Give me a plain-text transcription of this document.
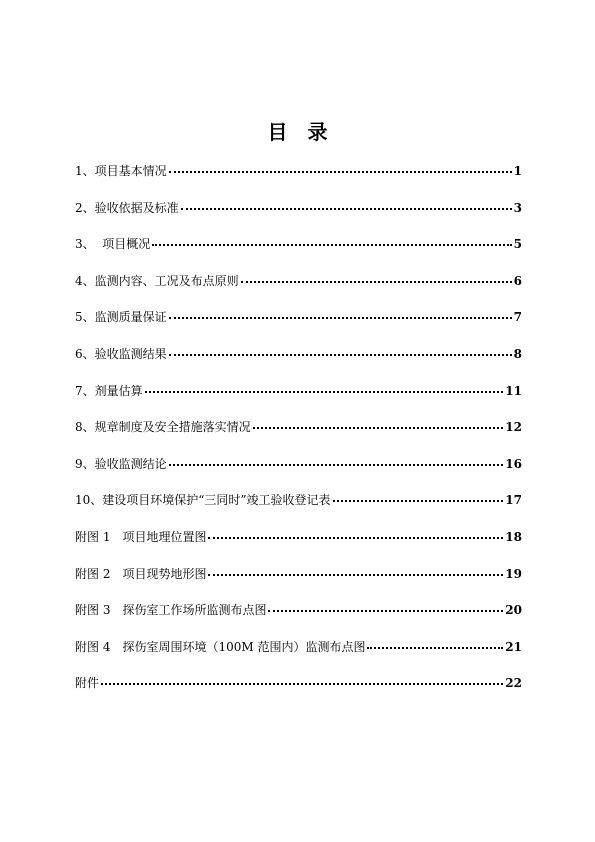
目　录
1、项目基本情况	1
2、验收依据及标准	3
3、  项目概况	5
4、监测内容、工况及布点原则	6
5、监测质量保证	7
6、验收监测结果	8
7、剂量估算	11
8、规章制度及安全措施落实情况	12
9、验收监测结论	16
10、建设项目环境保护“三同时”竣工验收登记表	17
附图 1　项目地理位置图	18
附图 2　项目现势地形图	19
附图 3　探伤室工作场所监测布点图	20
附图 4　探伤室周围环境（100M 范围内）监测布点图	21
附件	22
